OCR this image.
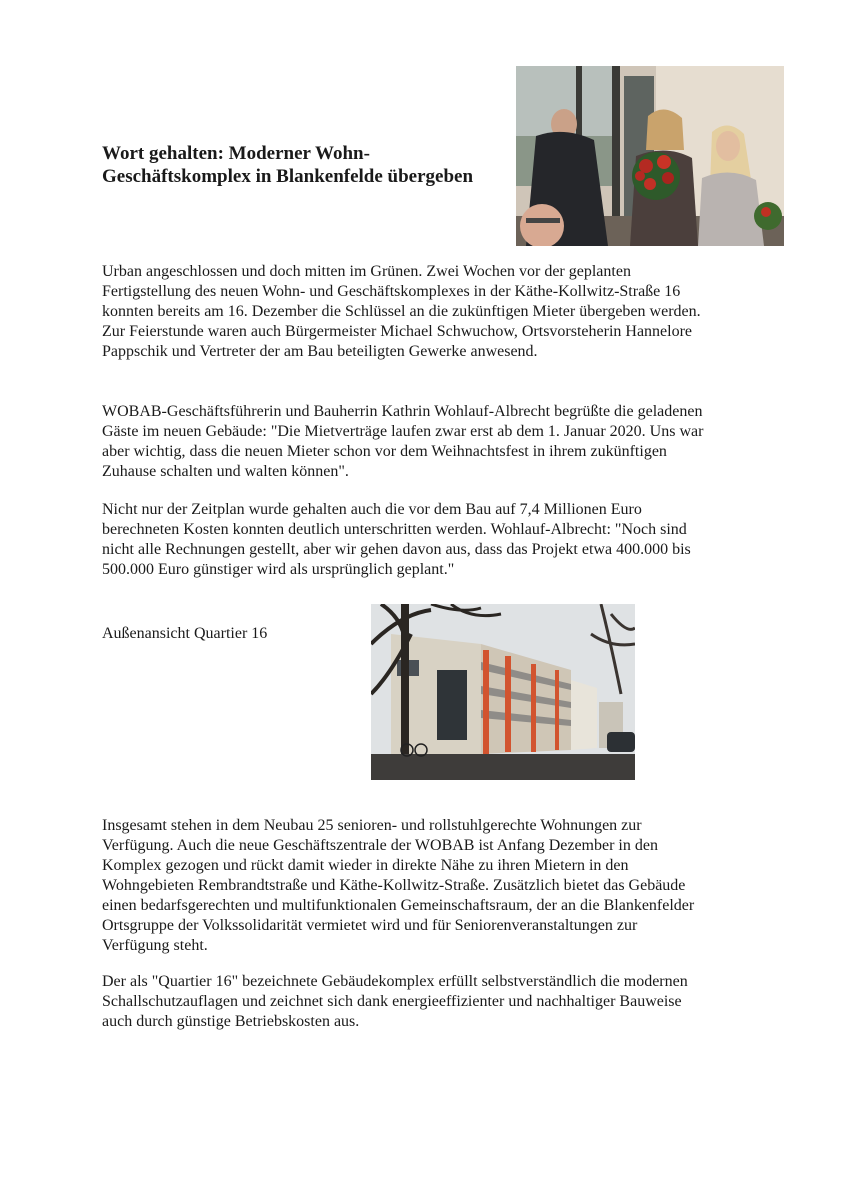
Wort gehalten: Moderner Wohn-
Geschäftskomplex in Blankenfelde übergeben

Urban angeschlossen und doch mitten im Grünen. Zwei Wochen vor der geplanten
Fertigstellung des neuen Wohn- und Geschäftskomplexes in der Käthe-Kollwitz-Straße 16
konnten bereits am 16. Dezember die Schlüssel an die zukünftigen Mieter übergeben werden.
Zur Feierstunde waren auch Bürgermeister Michael Schwuchow, Ortsvorsteherin Hannelore
Pappschik und Vertreter der am Bau beteiligten Gewerke anwesend.

WOBAB-Geschäftsführerin und Bauherrin Kathrin Wohlauf-Albrecht begrüßte die geladenen
Gäste im neuen Gebäude: "Die Mietverträge laufen zwar erst ab dem 1. Januar 2020. Uns war
aber wichtig, dass die neuen Mieter schon vor dem Weihnachtsfest in ihrem zukünftigen
Zuhause schalten und walten können".

Nicht nur der Zeitplan wurde gehalten auch die vor dem Bau auf 7,4 Millionen Euro
berechneten Kosten konnten deutlich unterschritten werden. Wohlauf-Albrecht: "Noch sind
nicht alle Rechnungen gestellt, aber wir gehen davon aus, dass das Projekt etwa 400.000 bis
500.000 Euro günstiger wird als ursprünglich geplant."

Außenansicht Quartier 16

Insgesamt stehen in dem Neubau 25 senioren- und rollstuhlgerechte Wohnungen zur
Verfügung. Auch die neue Geschäftszentrale der WOBAB ist Anfang Dezember in den
Komplex gezogen und rückt damit wieder in direkte Nähe zu ihren Mietern in den
Wohngebieten Rembrandtstraße und Käthe-Kollwitz-Straße. Zusätzlich bietet das Gebäude
einen bedarfsgerechten und multifunktionalen Gemeinschaftsraum, der an die Blankenfelder
Ortsgruppe der Volkssolidarität vermietet wird und für Seniorenveranstaltungen zur
Verfügung steht.

Der als "Quartier 16" bezeichnete Gebäudekomplex erfüllt selbstverständlich die modernen
Schallschutzauflagen und zeichnet sich dank energieeffizienter und nachhaltiger Bauweise
auch durch günstige Betriebskosten aus.
